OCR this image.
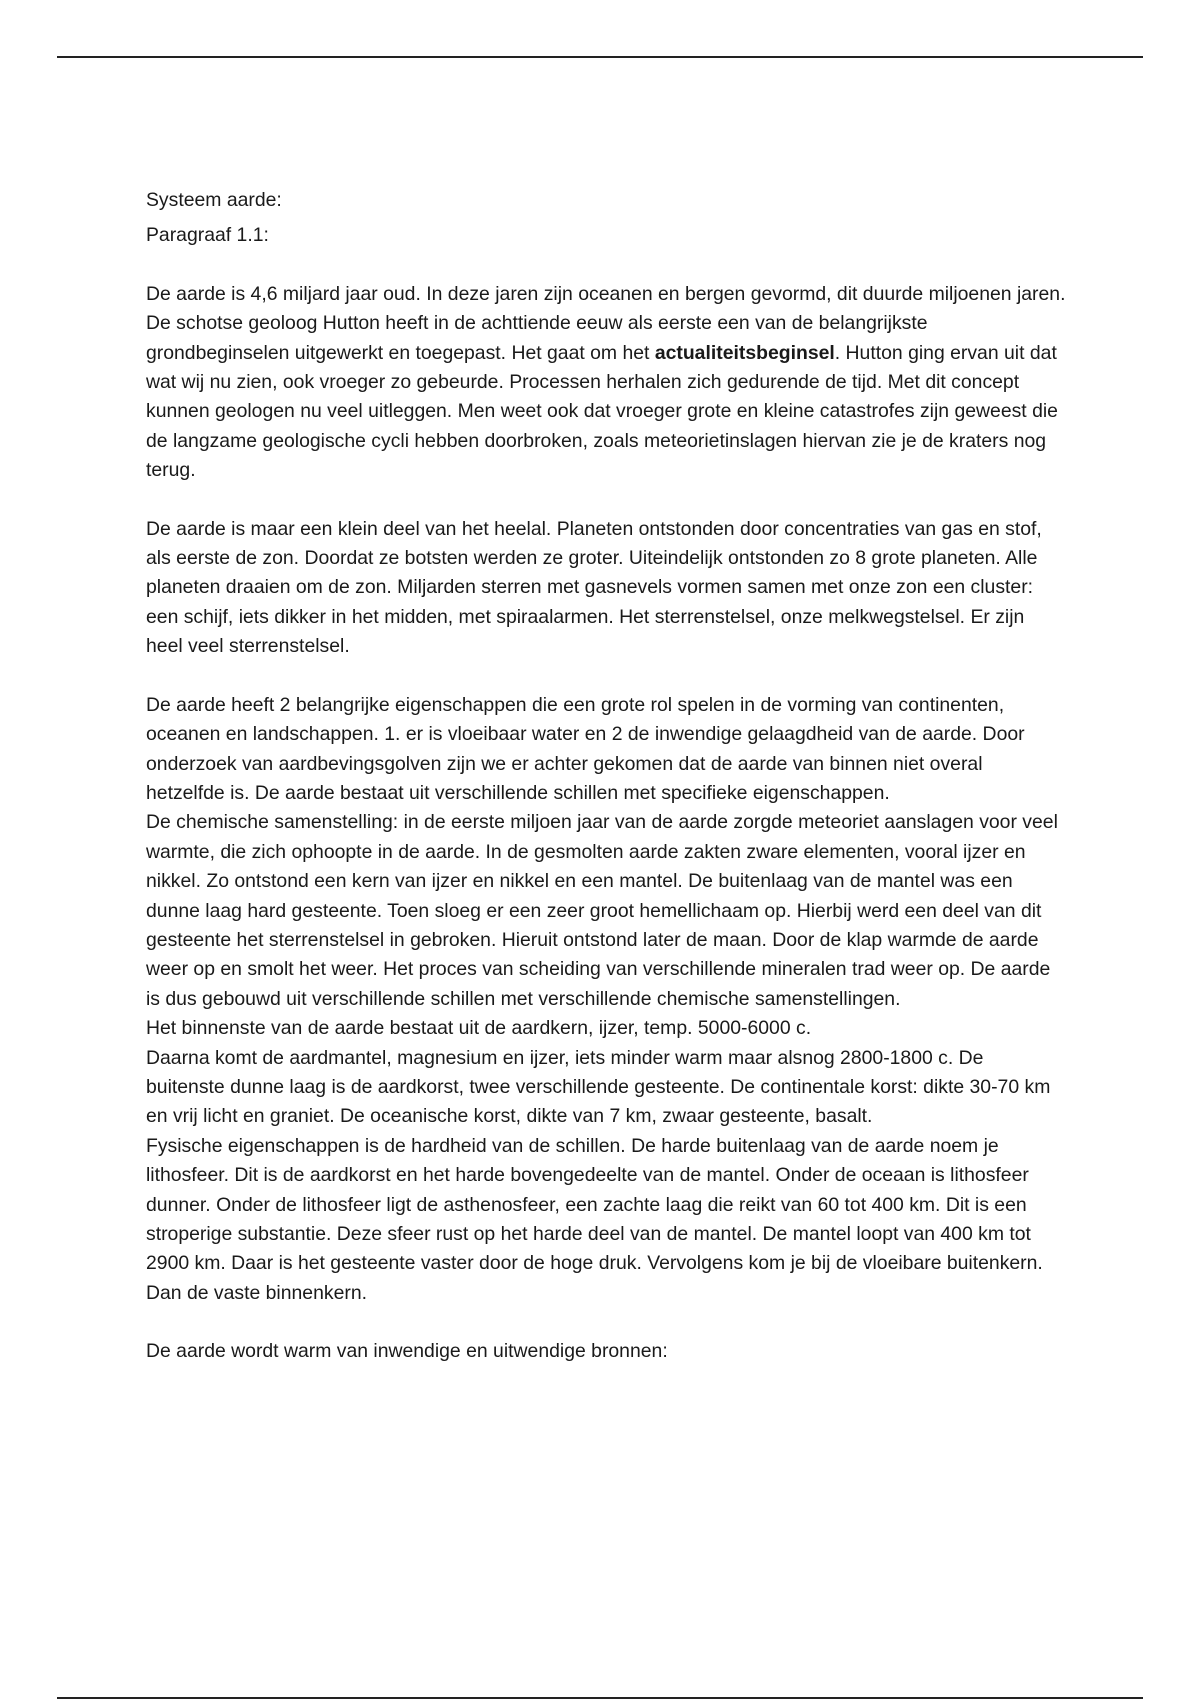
Systeem aarde:

Paragraaf 1.1:

De aarde is 4,6 miljard jaar oud. In deze jaren zijn oceanen en bergen gevormd, dit duurde miljoenen jaren. De schotse geoloog Hutton heeft in de achttiende eeuw als eerste een van de belangrijkste grondbeginselen uitgewerkt en toegepast. Het gaat om het actualiteitsbeginsel. Hutton ging ervan uit dat wat wij nu zien, ook vroeger zo gebeurde. Processen herhalen zich gedurende de tijd. Met dit concept kunnen geologen nu veel uitleggen. Men weet ook dat vroeger grote en kleine catastrofes zijn geweest die de langzame geologische cycli hebben doorbroken, zoals meteorietinslagen hiervan zie je de kraters nog terug.

De aarde is maar een klein deel van het heelal. Planeten ontstonden door concentraties van gas en stof, als eerste de zon. Doordat ze botsten werden ze groter. Uiteindelijk ontstonden zo 8 grote planeten. Alle planeten draaien om de zon. Miljarden sterren met gasnevels vormen samen met onze zon een cluster: een schijf, iets dikker in het midden, met spiraalarmen. Het sterrenstelsel, onze melkwegstelsel. Er zijn heel veel sterrenstelsel.

De aarde heeft 2 belangrijke eigenschappen die een grote rol spelen in de vorming van continenten, oceanen en landschappen. 1. er is vloeibaar water en 2 de inwendige gelaagdheid van de aarde. Door onderzoek van aardbevingsgolven zijn we er achter gekomen dat de aarde van binnen niet overal hetzelfde is. De aarde bestaat uit verschillende schillen met specifieke eigenschappen.

De chemische samenstelling: in de eerste miljoen jaar van de aarde zorgde meteoriet aanslagen voor veel warmte, die zich ophoopte in de aarde. In de gesmolten aarde zakten zware elementen, vooral ijzer en nikkel. Zo ontstond een kern van ijzer en nikkel en een mantel. De buitenlaag van de mantel was een dunne laag hard gesteente. Toen sloeg er een zeer groot hemellichaam op. Hierbij werd een deel van dit gesteente het sterrenstelsel in gebroken. Hieruit ontstond later de maan. Door de klap warmde de aarde weer op en smolt het weer. Het proces van scheiding van verschillende mineralen trad weer op. De aarde is dus gebouwd uit verschillende schillen met verschillende chemische samenstellingen.

Het binnenste van de aarde bestaat uit de aardkern, ijzer, temp. 5000-6000 c.

Daarna komt de aardmantel, magnesium en ijzer, iets minder warm maar alsnog 2800-1800 c. De buitenste dunne laag is de aardkorst, twee verschillende gesteente. De continentale korst: dikte 30-70 km en vrij licht en graniet. De oceanische korst, dikte van 7 km, zwaar gesteente, basalt.

Fysische eigenschappen is de hardheid van de schillen. De harde buitenlaag van de aarde noem je lithosfeer. Dit is de aardkorst en het harde bovengedeelte van de mantel. Onder de oceaan is lithosfeer dunner. Onder de lithosfeer ligt de asthenosfeer, een zachte laag die reikt van 60 tot 400 km. Dit is een stroperige substantie. Deze sfeer rust op het harde deel van de mantel. De mantel loopt van 400 km tot 2900 km. Daar is het gesteente vaster door de hoge druk. Vervolgens kom je bij de vloeibare buitenkern. Dan de vaste binnenkern.

De aarde wordt warm van inwendige en uitwendige bronnen:
